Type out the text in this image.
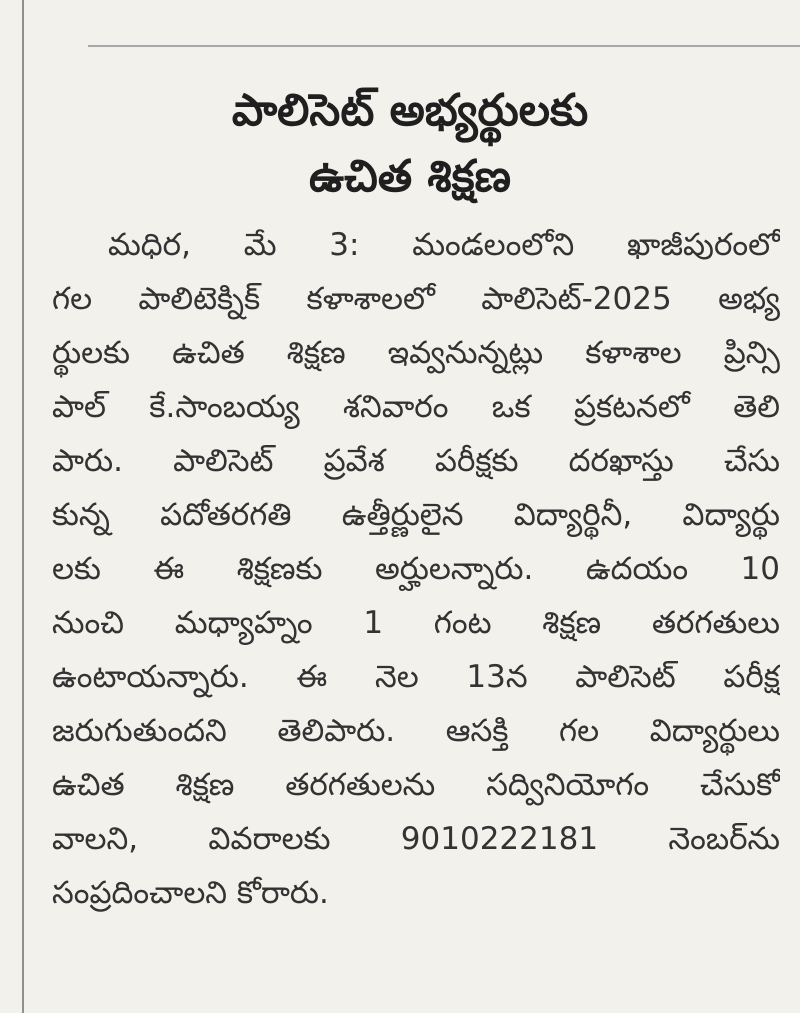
పాలిసెట్ అభ్యర్థులకు
ఉచిత శిక్షణ
మధిర, మే 3: మండలంలోని ఖాజీపురంలో
గల పాలిటెక్నిక్ కళాశాలలో పాలిసెట్-2025 అభ్య
ర్థులకు ఉచిత శిక్షణ ఇవ్వనున్నట్లు కళాశాల ప్రిన్సి
పాల్ కే.సాంబయ్య శనివారం ఒక ప్రకటనలో తెలి
పారు. పాలిసెట్ ప్రవేశ పరీక్షకు దరఖాస్తు చేసు
కున్న పదోతరగతి ఉత్తీర్ణులైన విద్యార్థినీ, విద్యార్థు
లకు ఈ శిక్షణకు అర్హులన్నారు. ఉదయం 10
నుంచి మధ్యాహ్నం 1 గంట శిక్షణ తరగతులు
ఉంటాయన్నారు. ఈ నెల 13న పాలిసెట్ పరీక్ష
జరుగుతుందని తెలిపారు. ఆసక్తి గల విద్యార్థులు
ఉచిత శిక్షణ తరగతులను సద్వినియోగం చేసుకో
వాలని, వివరాలకు 9010222181 నెంబర్‌ను
సంప్రదించాలని కోరారు.
